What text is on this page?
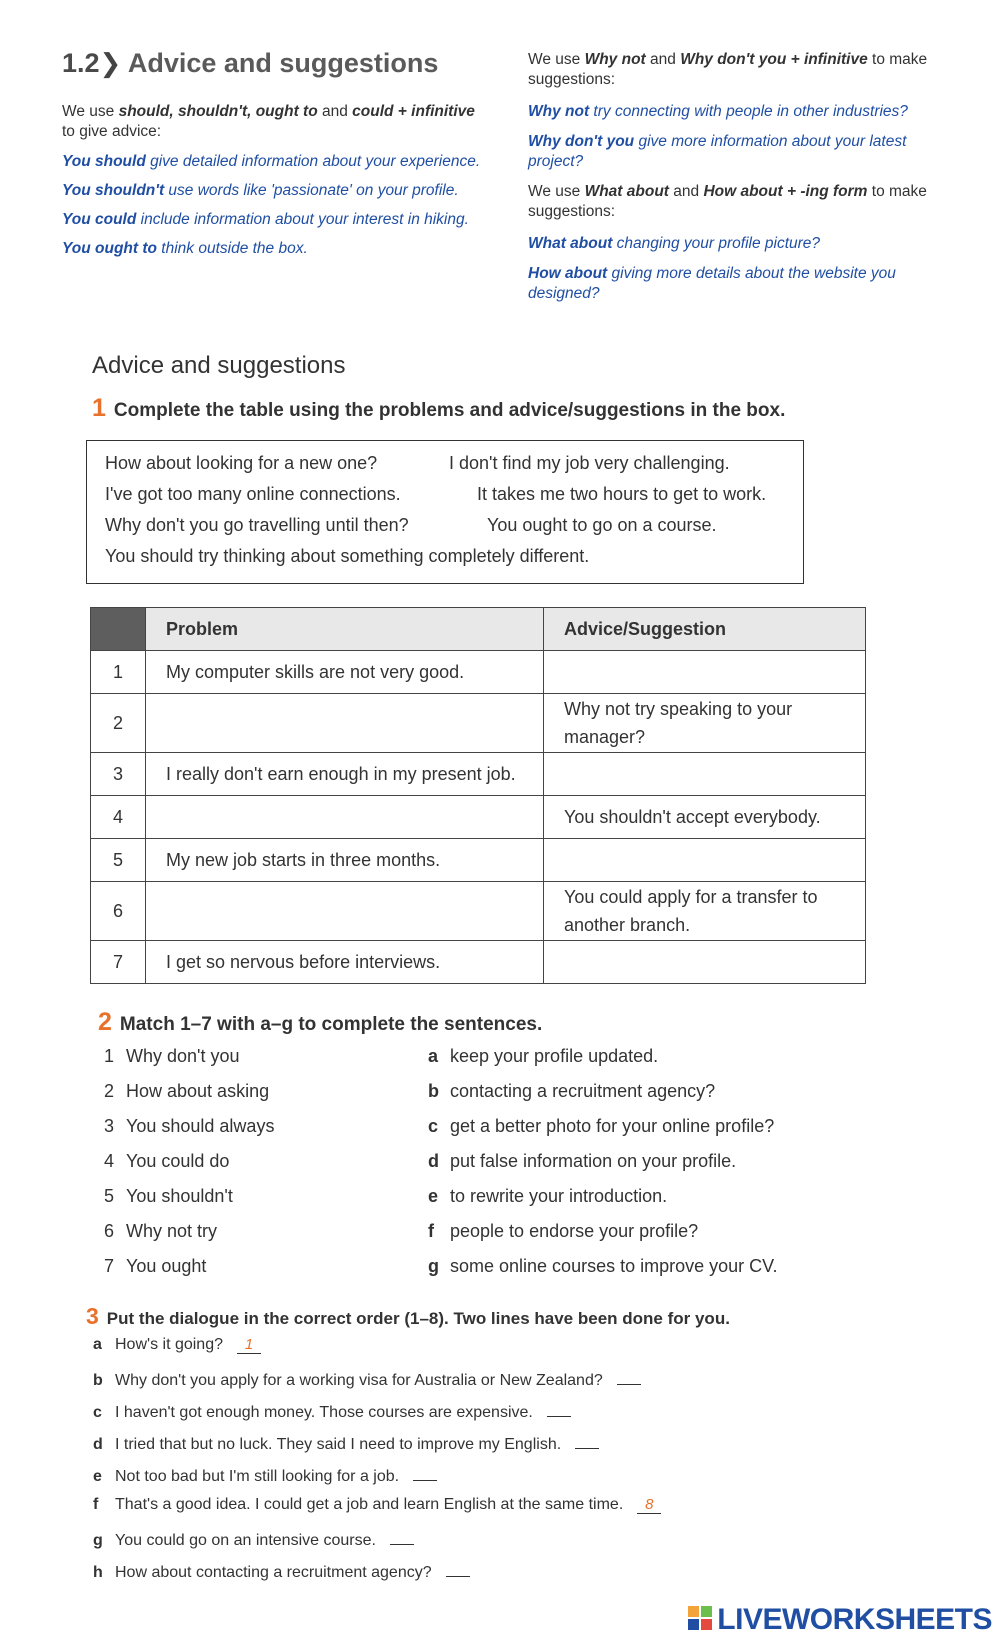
1.2❯ Advice and suggestions
We use should, shouldn't, ought to and could + infinitive to give advice:
You should give detailed information about your experience.
You shouldn't use words like 'passionate' on your profile.
You could include information about your interest in hiking.
You ought to think outside the box.
We use Why not and Why don't you + infinitive to make suggestions:
Why not try connecting with people in other industries?
Why don't you give more information about your latest project?
We use What about and How about + -ing form to make suggestions:
What about changing your profile picture?
How about giving more details about the website you designed?
Advice and suggestions
1 Complete the table using the problems and advice/suggestions in the box.
How about looking for a new one?	I don't find my job very challenging.
I've got too many online connections.	It takes me two hours to get to work.
Why don't you go travelling until then?	You ought to go on a course.
You should try thinking about something completely different.
	Problem	Advice/Suggestion
1	My computer skills are not very good.	
2		Why not try speaking to your manager?
3	I really don't earn enough in my present job.	
4		You shouldn't accept everybody.
5	My new job starts in three months.	
6		You could apply for a transfer to another branch.
7	I get so nervous before interviews.	
2 Match 1–7 with a–g to complete the sentences.
1 Why don't you
2 How about asking
3 You should always
4 You could do
5 You shouldn't
6 Why not try
7 You ought
a keep your profile updated.
b contacting a recruitment agency?
c get a better photo for your online profile?
d put false information on your profile.
e to rewrite your introduction.
f people to endorse your profile?
g some online courses to improve your CV.
3 Put the dialogue in the correct order (1–8). Two lines have been done for you.
a How's it going? 1
b Why don't you apply for a working visa for Australia or New Zealand?
c I haven't got enough money. Those courses are expensive.
d I tried that but no luck. They said I need to improve my English.
e Not too bad but I'm still looking for a job.
f That's a good idea. I could get a job and learn English at the same time. 8
g You could go on an intensive course.
h How about contacting a recruitment agency?
LIVEWORKSHEETS
